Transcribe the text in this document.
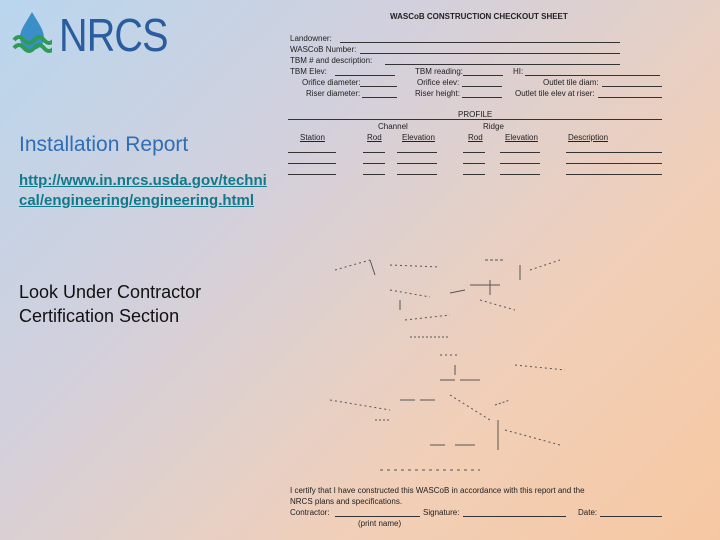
NRCS
Installation Report
http://www.in.nrcs.usda.gov/technical/engineering/engineering.html
Look Under Contractor Certification Section
WASCoB CONSTRUCTION CHECKOUT SHEET
Landowner:
WASCoB Number:
TBM # and description:
TBM Elev:	TBM reading:	HI:
Orifice diameter:	Orifice elev:	Outlet tile diam:
Riser diameter:	Riser height:	Outlet tile elev at riser:
PROFILE
Channel	Ridge
Station	Rod	Elevation	Rod	Elevation	Description
I certify that I have constructed this WASCoB in accordance with this report and the
NRCS plans and specifications.
Contractor:	Signature:	Date:
(print name)
